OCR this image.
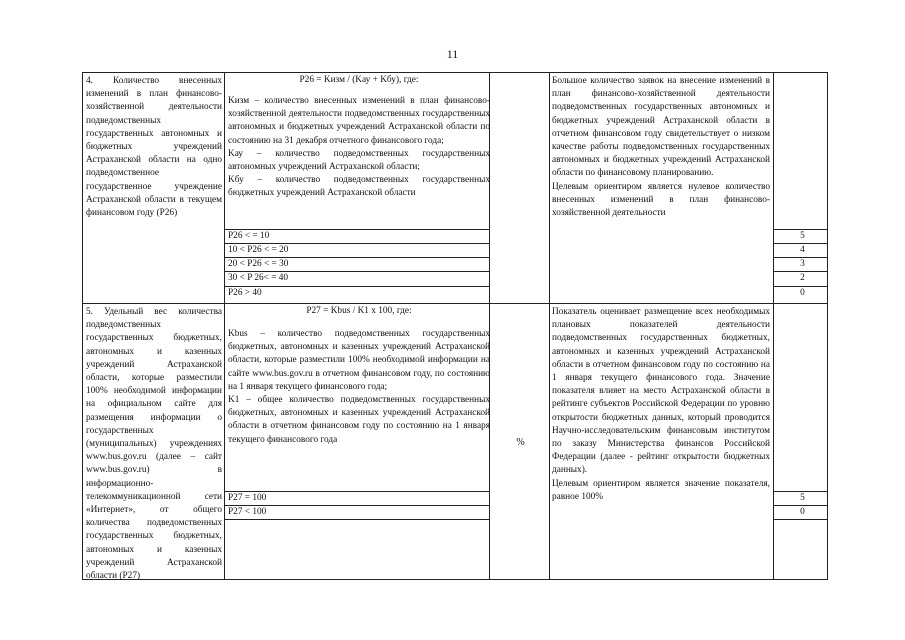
11
4. Количество внесенных изменений в план финансово-хозяйственной деятельности подведомственных государственных автономных и бюджетных учреждений Астраханской области на одно подведомственное государственное учреждение Астраханской области в текущем финансовом году (P26)
P26 = Kизм / (Kау + Kбу), где:

Kизм – количество внесенных изменений в план финансово-хозяйственной деятельности подведомственных государственных автономных и бюджетных учреждений Астраханской области по состоянию на 31 декабря отчетного финансового года;

Kау – количество подведомственных государственных автономных учреждений Астраханской области;

Kбу – количество подведомственных государственных бюджетных учреждений Астраханской области

Большое количество заявок на внесение изменений в план финансово-хозяйственной деятельности подведомственных государственных автономных и бюджетных учреждений Астраханской области в отчетном финансовом году свидетельствует о низком качестве работы подведомственных государственных автономных и бюджетных учреждений Астраханской области по финансовому планированию.

Целевым ориентиром является нулевое количество внесенных изменений в план финансово-хозяйственной деятельности

P26 < = 10
10 < P26 < = 20
20 < P26 < = 30
30 < P 26< = 40
P26 > 40
5
4
3
2
0
5. Удельный вес количества подведомственных государственных бюджетных, автономных и казенных учреждений Астраханской области, которые разместили 100% необходимой информации на официальном сайте для размещения информации о государственных (муниципальных) учреждениях www.bus.gov.ru (далее – сайт www.bus.gov.ru) в информационно-телекоммуникационной сети «Интернет», от общего количества подведомственных государственных бюджетных, автономных и казенных учреждений Астраханской области (P27)
P27 = Kbus / K1 x 100, где:

Kbus – количество подведомственных государственных бюджетных, автономных и казенных учреждений Астраханской области, которые разместили 100% необходимой информации на сайте www.bus.gov.ru в отчетном финансовом году, по состоянию на 1 января текущего финансового года;

K1 – общее количество подведомственных государственных бюджетных, автономных и казенных учреждений Астраханской области в отчетном финансовом году по состоянию на 1 января текущего финансового года	%

Показатель оценивает размещение всех необходимых плановых показателей деятельности подведомственных государственных бюджетных, автономных и казенных учреждений Астраханской области в отчетном финансовом году по состоянию на 1 января текущего финансового года. Значение показателя влияет на место Астраханской области в рейтинге субъектов Российской Федерации по уровню открытости бюджетных данных, который проводится Научно-исследовательским финансовым институтом по заказу Министерства финансов Российской Федерации (далее - рейтинг открытости бюджетных данных).

Целевым ориентиром является значение показателя, равное 100%

P27 = 100
P27 < 100
5
0
